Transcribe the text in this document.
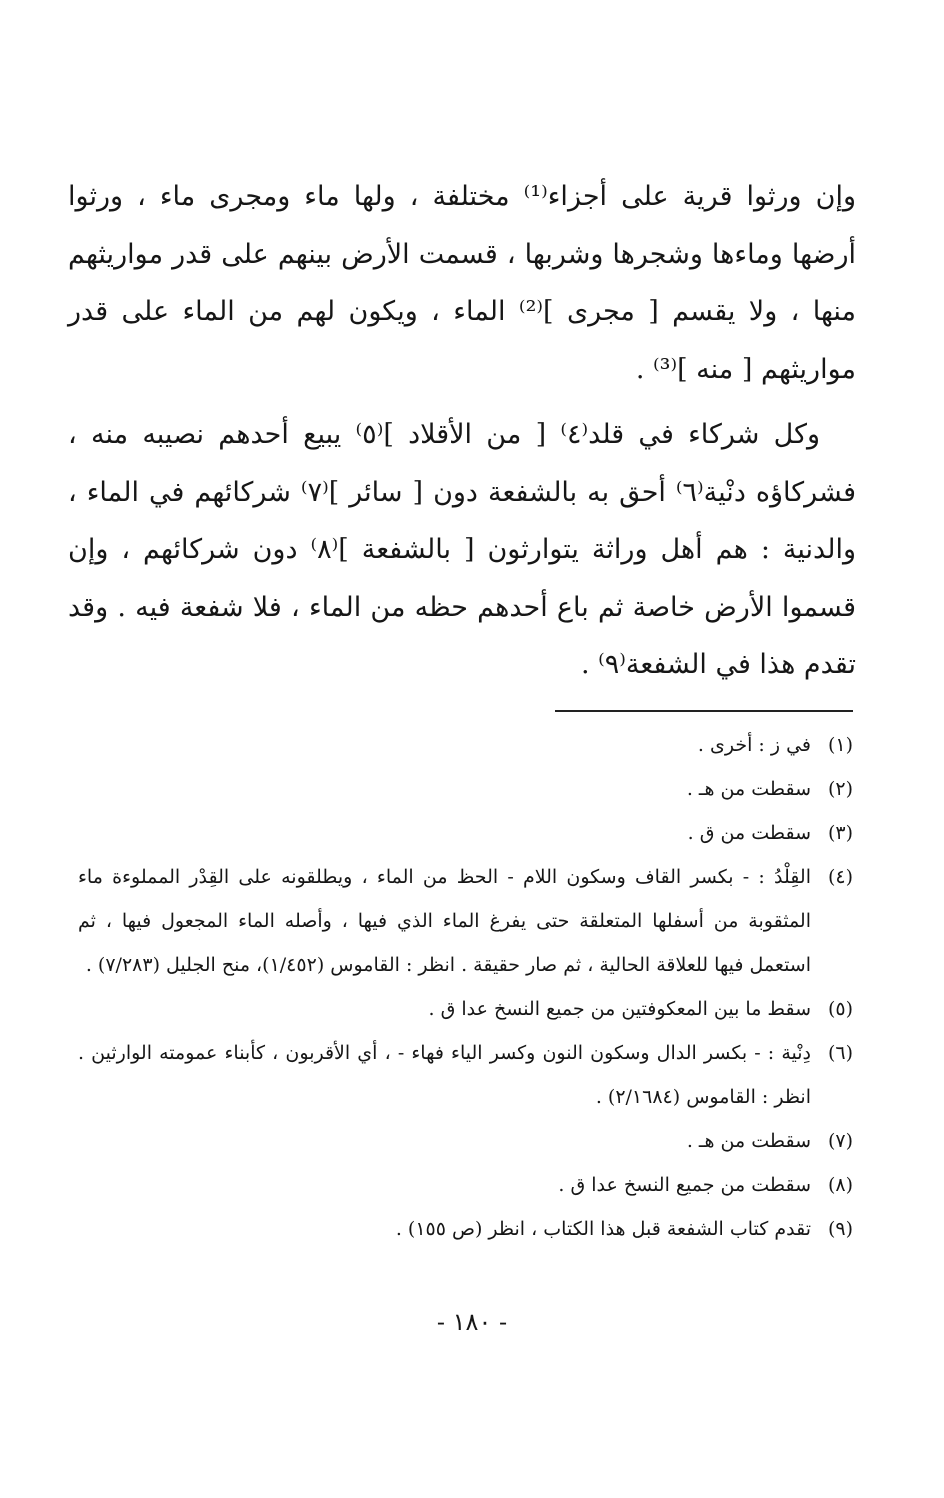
وإن ورثوا قرية على أجزاء⁽¹⁾ مختلفة ، ولها ماء ومجرى ماء ، ورثوا أرضها وماءها وشجرها وشربها ، قسمت الأرض بينهم على قدر مواريثهم منها ، ولا يقسم [ مجرى ]⁽²⁾ الماء ، ويكون لهم من الماء على قدر مواريثهم [ منه ]⁽³⁾ .

وكل شركاء في قلد⁽٤⁾ [ من الأقلاد ]⁽٥⁾ يبيع أحدهم نصيبه منه ، فشركاؤه دنْية⁽٦⁾ أحق به بالشفعة دون [ سائر ]⁽٧⁾ شركائهم في الماء ، والدنية : هم أهل وراثة يتوارثون [ بالشفعة ]⁽٨⁾ دون شركائهم ، وإن قسموا الأرض خاصة ثم باع أحدهم حظه من الماء ، فلا شفعة فيه . وقد تقدم هذا في الشفعة⁽٩⁾ .

(١)
في ز : أخرى .
(٢)
سقطت من هـ .
(٣)
سقطت من ق .
(٤)
القِلْدُ : - بكسر القاف وسكون اللام - الحظ من الماء ، ويطلقونه على القِدْر المملوءة ماء المثقوبة من أسفلها المتعلقة حتى يفرغ الماء الذي فيها ، وأصله الماء المجعول فيها ، ثم استعمل فيها للعلاقة الحالية ، ثم صار حقيقة . انظر : القاموس (١/٤٥٢)، منح الجليل (٧/٢٨٣) .
(٥)
سقط ما بين المعكوفتين من جميع النسخ عدا ق .
(٦)
دِنْية : - بكسر الدال وسكون النون وكسر الياء فهاء - ، أي الأقربون ، كأبناء عمومته الوارثين . انظر : القاموس (٢/١٦٨٤) .
(٧)
سقطت من هـ .
(٨)
سقطت من جميع النسخ عدا ق .
(٩)
تقدم كتاب الشفعة قبل هذا الكتاب ، انظر (ص ١٥٥) .
- ١٨٠ -
